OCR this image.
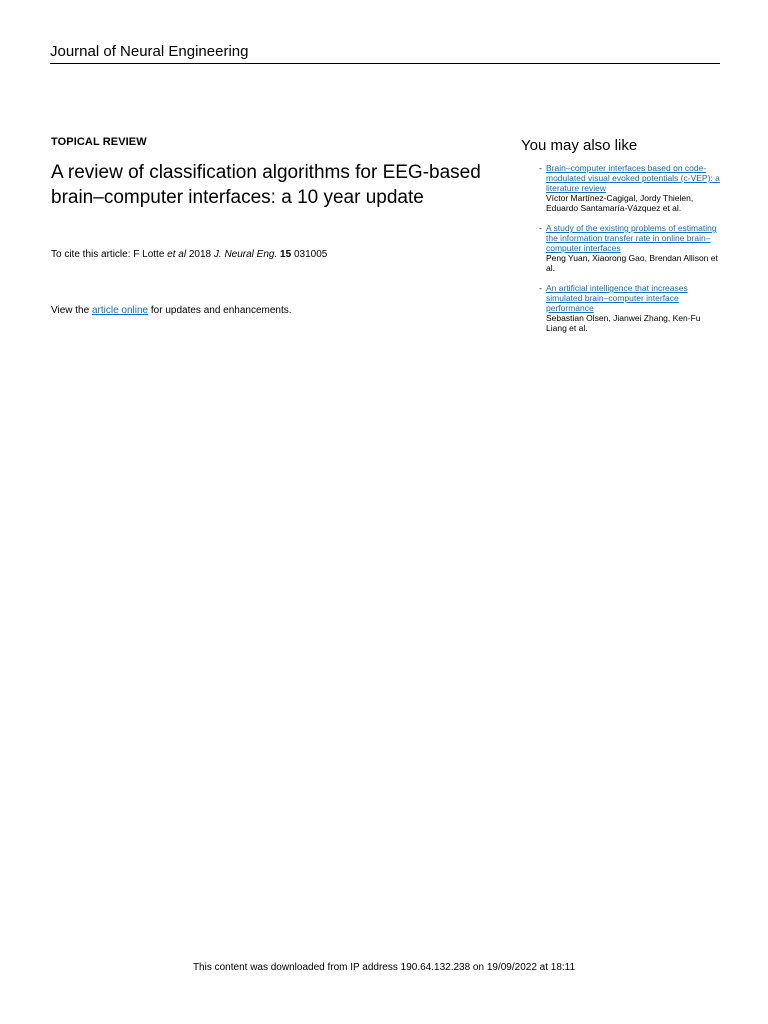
Journal of Neural Engineering
TOPICAL REVIEW
A review of classification algorithms for EEG-based brain–computer interfaces: a 10 year update
To cite this article: F Lotte et al 2018 J. Neural Eng. 15 031005
View the article online for updates and enhancements.
You may also like
- Brain–computer interfaces based on code-modulated visual evoked potentials (c-VEP): a literature review
Víctor Martínez-Cagigal, Jordy Thielen, Eduardo Santamaría-Vázquez et al.
- A study of the existing problems of estimating the information transfer rate in online brain–computer interfaces
Peng Yuan, Xiaorong Gao, Brendan Allison et al.
- An artificial intelligence that increases simulated brain–computer interface performance
Sebastian Olsen, Jianwei Zhang, Ken-Fu Liang et al.
This content was downloaded from IP address 190.64.132.238 on 19/09/2022 at 18:11
